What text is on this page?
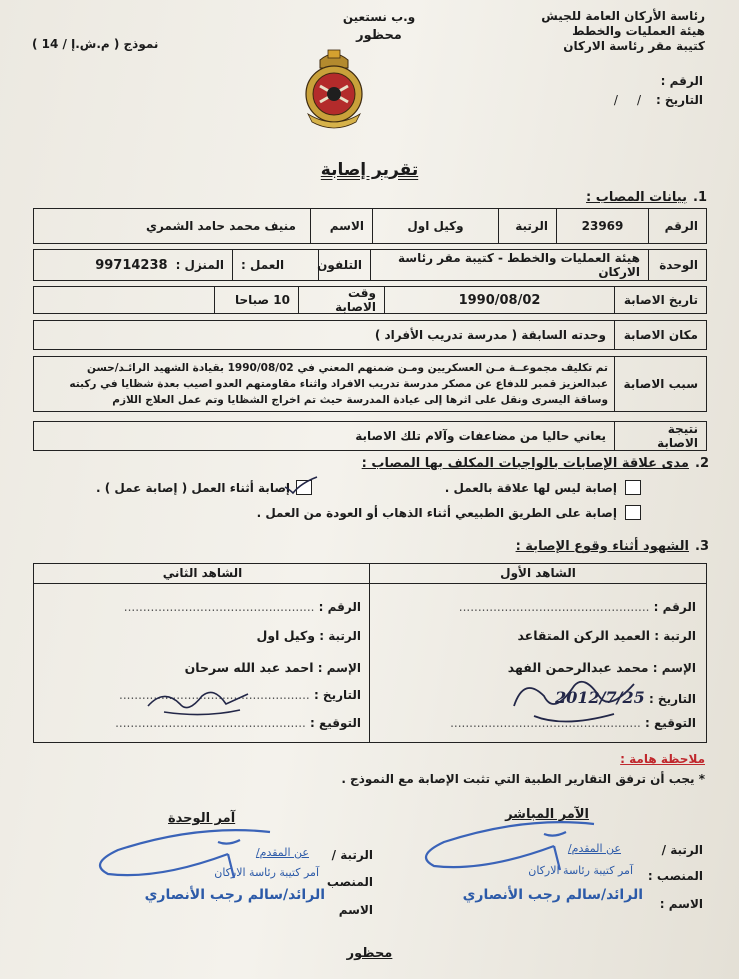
رئاسة الأركان العامة للجيش
هيئة العمليات والخطط
كتيبة مقر رئاسة الاركان
الرقم :
التاريخ :
/     /
و.ب نستعين
محظور
نموذج ( م.ش.إ / 14 )
تقرير إصابة
1.
بيانات المصاب :
الرقم
23969
الرتبة
وكيل اول
الاسم
منيف محمد حامد الشمري
الوحدة
هيئة العمليات والخطط - كتيبة مقر رئاسة الاركان
التلفون
العمل :
المنزل :
99714238
تاريخ الاصابة
1990/08/02
وقت الاصابة
10 صباحا
مكان الاصابة
وحدته السابقة ( مدرسة تدريب الأفراد )
سبب الاصابة
تم تكليف مجموعــة مـن العسكريين ومـن ضمنهم المعني في 1990/08/02 بقيادة الشهيد الرائـد/حسن
عبدالعزيز قمبر للدفاع عن مصكر مدرسة تدريب الافراد واثناء مقاومتهم العدو اصيب بعدة شظايا في ركبته
وساقة اليسرى ونقل على اثرها إلى عيادة المدرسة حيث تم اخراج الشظايا وتم عمل العلاج اللازم
نتيجة الاصابة
يعاني حاليا من مضاعفات وآلام تلك الاصابة
2.
مدى علاقة الإصابات بالواجبات المكلف بها المصاب :
إصابة ليس لها علاقة بالعمل .
إصابة أثناء العمل ( إصابة عمل ) .
إصابة على الطريق الطبيعي أثناء الذهاب أو العودة من العمل .
3.
الشهود أثناء وقوع الإصابة :
الشاهد الأول
الرقم : ..................................................
الرتبة : العميد الركن المتقاعد
الإسم : محمد عبدالرحمن الفهد
التاريخ : 2012/7/25
التوقيع : ..................................................
الشاهد الثاني
الرقم : ..................................................
الرتبة : وكيل اول
الإسم : احمد عبد الله سرحان
التاريخ : ..................................................
التوقيع : ..................................................
ملاحظة هامة :
* يجب أن ترفق التقارير الطبية التي تثبت الإصابة مع النموذج .
الآمر المباشر
الرتبة /
عن المقدم/
المنصب :
آمر كتيبة رئاسة الاركان
الاسم :
الرائد/سالم رجب الأنصاري
آمر الوحدة
الرتبة /
عن المقدم/
المنصب
آمر كتيبة رئاسة الاركان
الاسم
الرائد/سالم رجب الأنصاري
محظور
